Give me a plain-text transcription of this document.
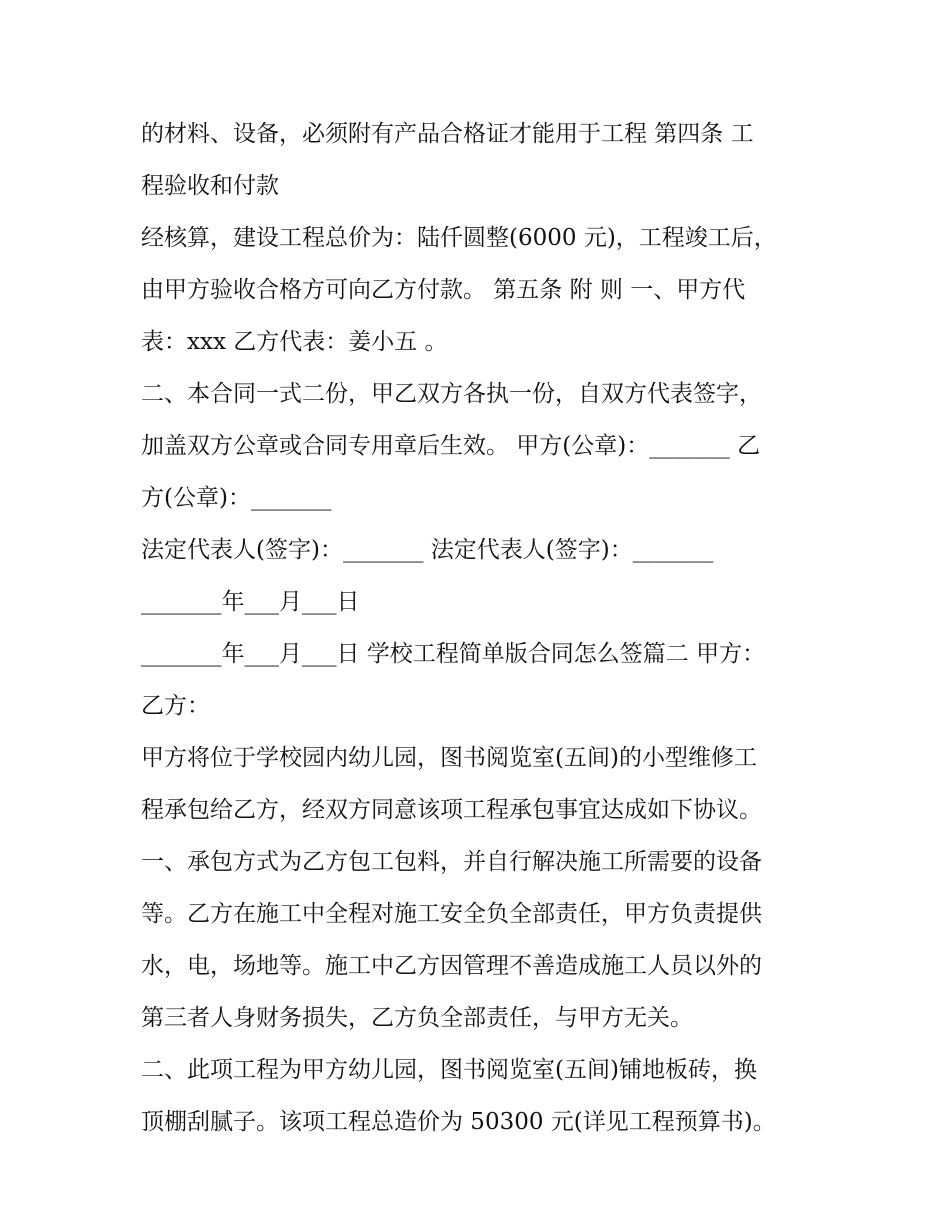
的材料、设备，必须附有产品合格证才能用于工程 第四条 工
程验收和付款
经核算，建设工程总价为：陆仟圆整(6000 元)，工程竣工后，
由甲方验收合格方可向乙方付款。 第五条 附 则 一、甲方代
表：xxx 乙方代表：姜小五 。
二、本合同一式二份，甲乙双方各执一份，自双方代表签字，
加盖双方公章或合同专用章后生效。 甲方(公章)：_______ 乙
方(公章)：_______
法定代表人(签字)：_______ 法定代表人(签字)：_______
_______年___月___日
_______年___月___日 学校工程简单版合同怎么签篇二 甲方：
乙方：
甲方将位于学校园内幼儿园，图书阅览室(五间)的小型维修工
程承包给乙方，经双方同意该项工程承包事宜达成如下协议。
一、承包方式为乙方包工包料，并自行解决施工所需要的设备
等。乙方在施工中全程对施工安全负全部责任，甲方负责提供
水，电，场地等。施工中乙方因管理不善造成施工人员以外的
第三者人身财务损失，乙方负全部责任，与甲方无关。
二、此项工程为甲方幼儿园，图书阅览室(五间)铺地板砖，换
顶棚刮腻子。该项工程总造价为 50300 元(详见工程预算书)。
